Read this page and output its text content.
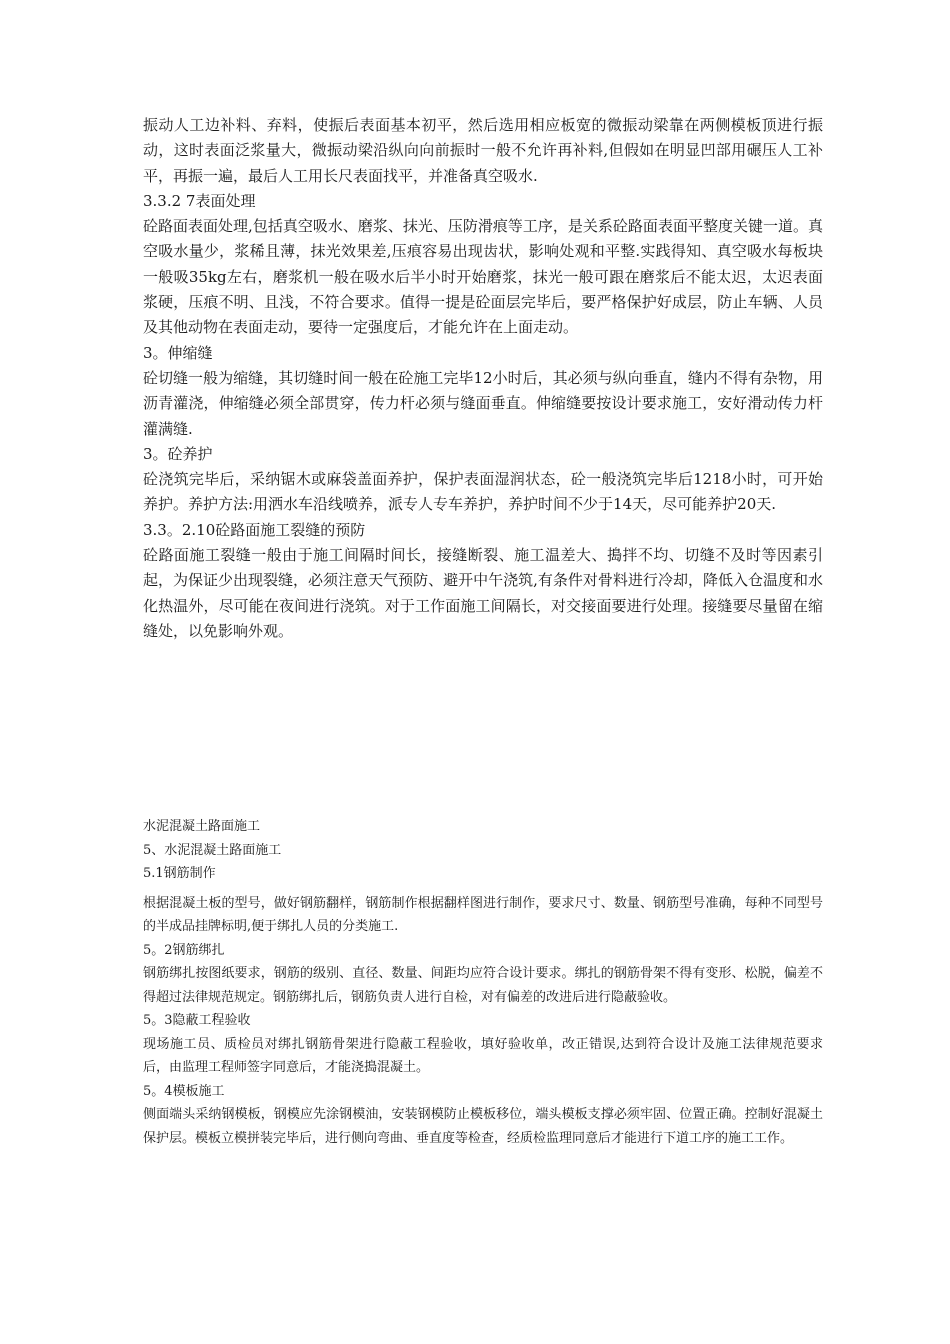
振动人工边补料、弃料，使振后表面基本初平，然后选用相应板宽的微振动梁靠在两侧模板顶进行振动，这时表面泛浆量大，微振动梁沿纵向向前振时一般不允许再补料,但假如在明显凹部用碾压人工补平，再振一遍，最后人工用长尺表面找平，并准备真空吸水.

3.3.2 7表面处理

砼路面表面处理,包括真空吸水、磨浆、抹光、压防滑痕等工序，是关系砼路面表面平整度关键一道。真空吸水量少，浆稀且薄，抹光效果差,压痕容易出现齿状，影响处观和平整.实践得知、真空吸水每板块一般吸35kg左右，磨浆机一般在吸水后半小时开始磨浆，抹光一般可跟在磨浆后不能太迟，太迟表面浆硬，压痕不明、且浅，不符合要求。值得一提是砼面层完毕后，要严格保护好成层，防止车辆、人员及其他动物在表面走动，要待一定强度后，才能允许在上面走动。

3。伸缩缝

砼切缝一般为缩缝，其切缝时间一般在砼施工完毕12小时后，其必须与纵向垂直，缝内不得有杂物，用沥青灌浇，伸缩缝必须全部贯穿，传力杆必须与缝面垂直。伸缩缝要按设计要求施工，安好滑动传力杆灌满缝.

3。砼养护

砼浇筑完毕后，采纳锯木或麻袋盖面养护，保护表面湿润状态，砼一般浇筑完毕后1218小时，可开始养护。养护方法:用洒水车沿线喷养，派专人专车养护，养护时间不少于14天，尽可能养护20天.

3.3。2.10砼路面施工裂缝的预防

砼路面施工裂缝一般由于施工间隔时间长，接缝断裂、施工温差大、搗拌不均、切缝不及时等因素引起，为保证少出现裂缝，必须注意天气预防、避开中午浇筑,有条件对骨料进行冷却，降低入仓温度和水化热温外，尽可能在夜间进行浇筑。对于工作面施工间隔长，对交接面要进行处理。接缝要尽量留在缩缝处，以免影响外观。

水泥混凝土路面施工
5、水泥混凝土路面施工
5.1钢筋制作

根据混凝土板的型号，做好钢筋翻样，钢筋制作根据翻样图进行制作，要求尺寸、数量、钢筋型号准确，每种不同型号的半成品挂牌标明,便于绑扎人员的分类施工.

5。2钢筋绑扎

钢筋绑扎按图纸要求，钢筋的级别、直径、数量、间距均应符合设计要求。绑扎的钢筋骨架不得有变形、松脱，偏差不得超过法律规范规定。钢筋绑扎后，钢筋负责人进行自检，对有偏差的改进后进行隐蔽验收。

5。3隐蔽工程验收

现场施工员、质检员对绑扎钢筋骨架进行隐蔽工程验收，填好验收单，改正错误,达到符合设计及施工法律规范要求后，由监理工程师签字同意后，才能浇搗混凝土。

5。4模板施工

侧面端头采纳钢模板，钢模应先涂钢模油，安装钢模防止模板移位，端头模板支撑必须牢固、位置正确。控制好混凝土保护层。模板立模拼装完毕后，进行侧向弯曲、垂直度等检查，经质检监理同意后才能进行下道工序的施工工作。
